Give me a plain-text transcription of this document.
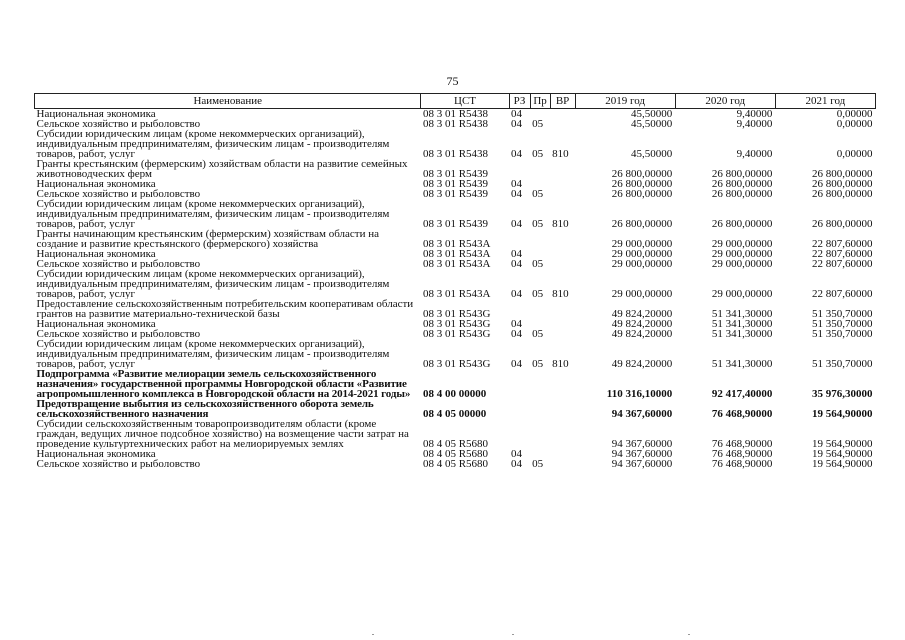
75
Наименование	ЦСТ	РЗ	Пр	ВР	2019 год	2020 год	2021 год
Национальная экономика	08 3 01 R5438	04			45,50000	9,40000	0,00000
Сельское хозяйство и рыболовство	08 3 01 R5438	04	05		45,50000	9,40000	0,00000
Субсидии юридическим лицам (кроме некоммерческих организаций), индивидуальным предпринимателям, физическим лицам - производителям товаров, работ, услуг	08 3 01 R5438	04	05	810	45,50000	9,40000	0,00000
Гранты крестьянским (фермерским) хозяйствам области на развитие семейных животноводческих ферм	08 3 01 R5439				26 800,00000	26 800,00000	26 800,00000
Национальная экономика	08 3 01 R5439	04			26 800,00000	26 800,00000	26 800,00000
Сельское хозяйство и рыболовство	08 3 01 R5439	04	05		26 800,00000	26 800,00000	26 800,00000
Субсидии юридическим лицам (кроме некоммерческих организаций), индивидуальным предпринимателям, физическим лицам - производителям товаров, работ, услуг	08 3 01 R5439	04	05	810	26 800,00000	26 800,00000	26 800,00000
Гранты начинающим крестьянским (фермерским) хозяйствам области на создание и развитие крестьянского (фермерского) хозяйства	08 3 01 R543A				29 000,00000	29 000,00000	22 807,60000
Национальная экономика	08 3 01 R543A	04			29 000,00000	29 000,00000	22 807,60000
Сельское хозяйство и рыболовство	08 3 01 R543A	04	05		29 000,00000	29 000,00000	22 807,60000
Субсидии юридическим лицам (кроме некоммерческих организаций), индивидуальным предпринимателям, физическим лицам - производителям товаров, работ, услуг	08 3 01 R543A	04	05	810	29 000,00000	29 000,00000	22 807,60000
Предоставление сельскохозяйственным потребительским кооперативам области грантов на развитие материально-технической базы	08 3 01 R543G				49 824,20000	51 341,30000	51 350,70000
Национальная экономика	08 3 01 R543G	04			49 824,20000	51 341,30000	51 350,70000
Сельское хозяйство и рыболовство	08 3 01 R543G	04	05		49 824,20000	51 341,30000	51 350,70000
Субсидии юридическим лицам (кроме некоммерческих организаций), индивидуальным предпринимателям, физическим лицам - производителям товаров, работ, услуг	08 3 01 R543G	04	05	810	49 824,20000	51 341,30000	51 350,70000
Подпрограмма «Развитие мелиорации земель сельскохозяйственного назначения» государственной программы Новгородской области «Развитие агропромышленного комплекса в Новгородской области на 2014-2021 годы»	08 4 00 00000				110 316,10000	92 417,40000	35 976,30000
Предотвращение выбытия из сельскохозяйственного оборота земель сельскохозяйственного назначения	08 4 05 00000				94 367,60000	76 468,90000	19 564,90000
Субсидии сельскохозяйственным товаропроизводителям области (кроме граждан, ведущих личное подсобное хозяйство) на возмещение части затрат на проведение культуртехнических работ на мелиорируемых землях	08 4 05 R5680				94 367,60000	76 468,90000	19 564,90000
Национальная экономика	08 4 05 R5680	04			94 367,60000	76 468,90000	19 564,90000
Сельское хозяйство и рыболовство	08 4 05 R5680	04	05		94 367,60000	76 468,90000	19 564,90000
